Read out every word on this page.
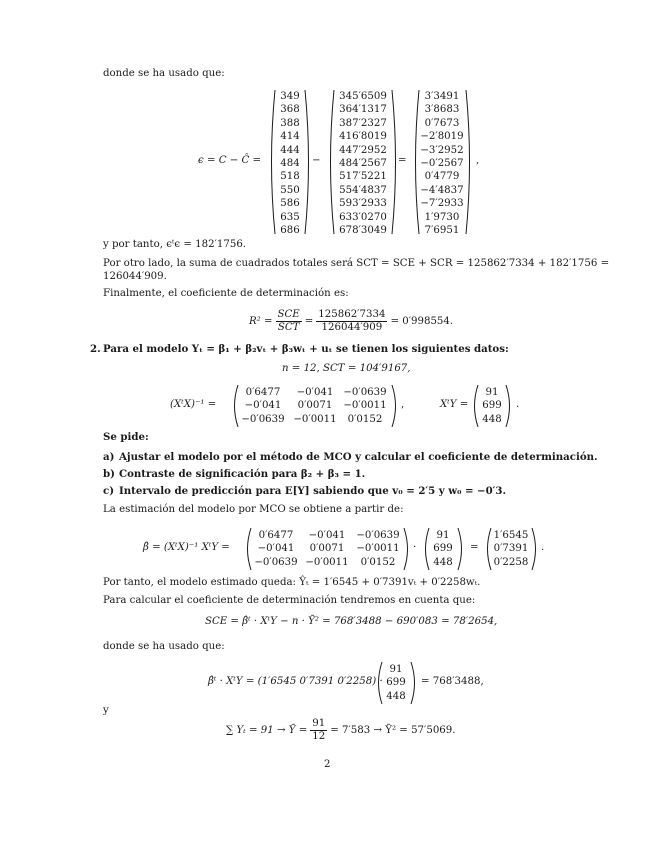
donde se ha usado que:
ϵ = C − Ĉ =
349
368
388
414
444
484
518
550
586
635
686
−
345′6509
364′1317
387′2327
416′8019
447′2952
484′2567
517′5221
554′4837
593′2933
633′0270
678′3049
=
3′3491
3′8683
0′7673
−2′8019
−3′2952
−0′2567
0′4779
−4′4837
−7′2933
1′9730
7′6951
,
y por tanto, ϵᵗϵ = 182′1756.
Por otro lado, la suma de cuadrados totales será SCT = SCE + SCR = 125862′7334 + 182′1756 =
126044′909.
Finalmente, el coeficiente de determinación es:
$R^2 = \frac{\text{SCE}}{\text{SCT}} = \frac{125862'7334}{126044'909} = 0'998554$.
2. Para el modelo Yₜ = β₁ + β₂vₜ + β₃wₜ + uₜ se tienen los siguientes datos:
n = 12, SCT = 104′9167,
(XᵗX)⁻¹ =
0′6477
−0′041
−0′0639
−0′041
0′0071
−0′0011
−0′0639
−0′0011
0′0152
,	XᵗY =
91
699
448
.
Se pide:
a) Ajustar el modelo por el método de MCO y calcular el coeficiente de determinación.
b) Contraste de significación para β₂ + β₃ = 1.
c) Intervalo de predicción para E[Y] sabiendo que v₀ = 2′5 y w₀ = −0′3.
La estimación del modelo por MCO se obtiene a partir de:
β̂ = (XᵗX)⁻¹ XᵗY =
0′6477
−0′041
−0′0639
−0′041
0′0071
−0′0011
−0′0639
−0′0011
0′0152
·
91
699
448
=
1′6545
0′7391
0′2258
.
Por tanto, el modelo estimado queda: Ŷₜ = 1′6545 + 0′7391vₜ + 0′2258wₜ.
Para calcular el coeficiente de determinación tendremos en cuenta que:
SCE = β̂ᵗ · XᵗY − n · Ȳ² = 768′3488 − 690′083 = 78′2654,
donde se ha usado que:
β̂ᵗ · XᵗY = (1′6545 0′7391 0′2258) ·
91
699
448
= 768′3488,
y
∑ Yₜ = 91 → Ȳ = $\frac{91}{12} = 7'583$ → Ȳ² = 57′5069.
2
